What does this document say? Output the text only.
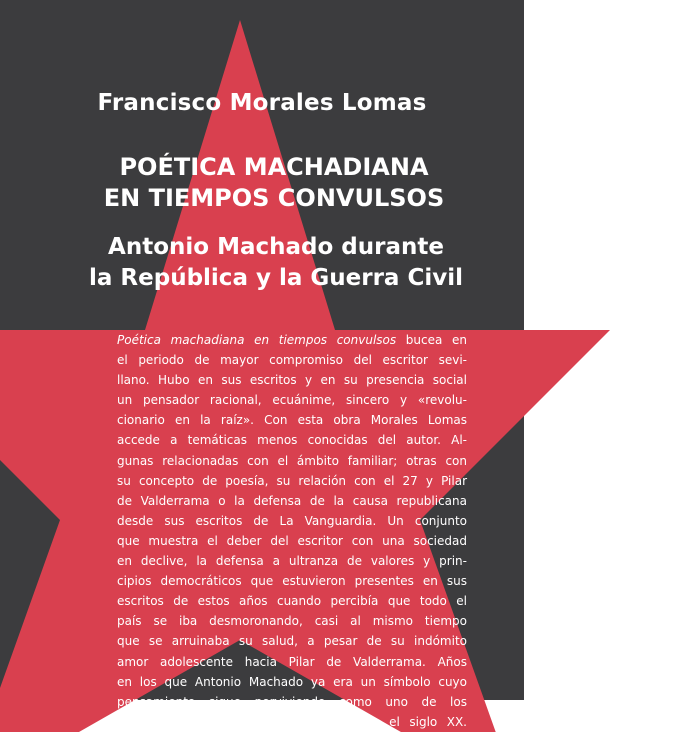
Francisco Morales Lomas
POÉTICA MACHADIANA
EN TIEMPOS CONVULSOS
Antonio Machado durante
la República y la Guerra Civil
Poética machadiana en tiempos convulsos bucea en
el periodo de mayor compromiso del escritor sevi-
llano. Hubo en sus escritos y en su presencia social
un pensador racional, ecuánime, sincero y «revolu-
cionario en la raíz». Con esta obra Morales Lomas
accede a temáticas menos conocidas del autor. Al-
gunas relacionadas con el ámbito familiar; otras con
su concepto de poesía, su relación con el 27 y Pilar
de Valderrama o la defensa de la causa republicana
desde sus escritos de La Vanguardia. Un conjunto
que muestra el deber del escritor con una sociedad
en declive, la defensa a ultranza de valores y prin-
cipios democráticos que estuvieron presentes en sus
escritos de estos años cuando percibía que todo el
país se iba desmoronando, casi al mismo tiempo
que se arruinaba su salud, a pesar de su indómito
amor adolescente hacia Pilar de Valderrama. Años
en los que Antonio Machado ya era un símbolo cuyo
pensamiento sigue perviviendo como uno de los
más coherentes de un escritor durante el siglo XX.
